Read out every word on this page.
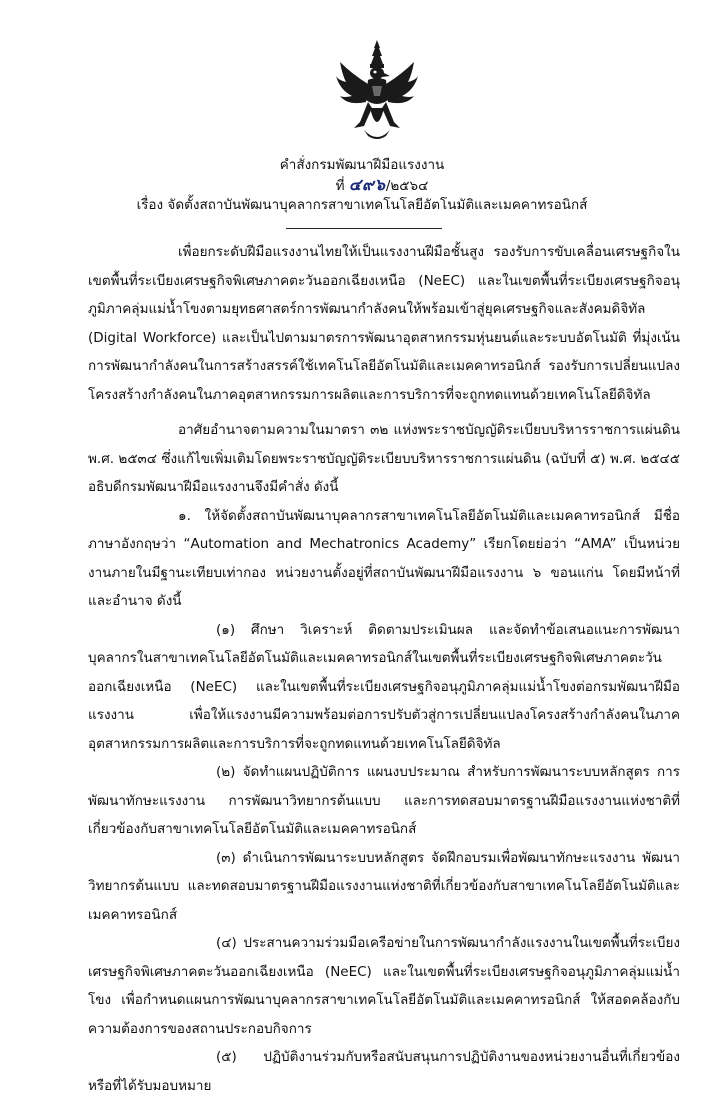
คำสั่งกรมพัฒนาฝีมือแรงงาน
ที่ ๔๙๖/๒๕๖๔
เรื่อง จัดตั้งสถาบันพัฒนาบุคลากรสาขาเทคโนโลยีอัตโนมัติและเมคคาทรอนิกส์

เพื่อยกระดับฝีมือแรงงานไทยให้เป็นแรงงานฝีมือชั้นสูง รองรับการขับเคลื่อนเศรษฐกิจในเขตพื้นที่ระเบียงเศรษฐกิจพิเศษภาคตะวันออกเฉียงเหนือ (NeEC) และในเขตพื้นที่ระเบียงเศรษฐกิจอนุภูมิภาคลุ่มแม่น้ำโขงตามยุทธศาสตร์การพัฒนากำลังคนให้พร้อมเข้าสู่ยุคเศรษฐกิจและสังคมดิจิทัล (Digital Workforce) และเป็นไปตามมาตรการพัฒนาอุตสาหกรรมหุ่นยนต์และระบบอัตโนมัติ ที่มุ่งเน้นการพัฒนากำลังคนในการสร้างสรรค์ใช้เทคโนโลยีอัตโนมัติและเมคคาทรอนิกส์ รองรับการเปลี่ยนแปลงโครงสร้างกำลังคนในภาคอุตสาหกรรมการผลิตและการบริการที่จะถูกทดแทนด้วยเทคโนโลยีดิจิทัล

อาศัยอำนาจตามความในมาตรา ๓๒ แห่งพระราชบัญญัติระเบียบบริหารราชการแผ่นดิน พ.ศ. ๒๕๓๔ ซึ่งแก้ไขเพิ่มเติมโดยพระราชบัญญัติระเบียบบริหารราชการแผ่นดิน (ฉบับที่ ๕) พ.ศ. ๒๕๔๕ อธิบดีกรมพัฒนาฝีมือแรงงานจึงมีคำสั่ง ดังนี้

๑. ให้จัดตั้งสถาบันพัฒนาบุคลากรสาขาเทคโนโลยีอัตโนมัติและเมคคาทรอนิกส์ มีชื่อภาษาอังกฤษว่า “Automation and Mechatronics Academy” เรียกโดยย่อว่า “AMA” เป็นหน่วยงานภายในมีฐานะเทียบเท่ากอง หน่วยงานตั้งอยู่ที่สถาบันพัฒนาฝีมือแรงงาน ๖ ขอนแก่น โดยมีหน้าที่และอำนาจ ดังนี้

(๑) ศึกษา วิเคราะห์ ติดตามประเมินผล และจัดทำข้อเสนอแนะการพัฒนาบุคลากรในสาขาเทคโนโลยีอัตโนมัติและเมคคาทรอนิกส์ในเขตพื้นที่ระเบียงเศรษฐกิจพิเศษภาคตะวันออกเฉียงเหนือ (NeEC) และในเขตพื้นที่ระเบียงเศรษฐกิจอนุภูมิภาคลุ่มแม่น้ำโขงต่อกรมพัฒนาฝีมือแรงงาน เพื่อให้แรงงานมีความพร้อมต่อการปรับตัวสู่การเปลี่ยนแปลงโครงสร้างกำลังคนในภาคอุตสาหกรรมการผลิตและการบริการที่จะถูกทดแทนด้วยเทคโนโลยีดิจิทัล

(๒) จัดทำแผนปฏิบัติการ แผนงบประมาณ สำหรับการพัฒนาระบบหลักสูตร การพัฒนาทักษะแรงงาน การพัฒนาวิทยากรต้นแบบ และการทดสอบมาตรฐานฝีมือแรงงานแห่งชาติที่เกี่ยวข้องกับสาขาเทคโนโลยีอัตโนมัติและเมคคาทรอนิกส์

(๓) ดำเนินการพัฒนาระบบหลักสูตร จัดฝึกอบรมเพื่อพัฒนาทักษะแรงงาน พัฒนาวิทยากรต้นแบบ และทดสอบมาตรฐานฝีมือแรงงานแห่งชาติที่เกี่ยวข้องกับสาขาเทคโนโลยีอัตโนมัติและเมคคาทรอนิกส์

(๔) ประสานความร่วมมือเครือข่ายในการพัฒนากำลังแรงงานในเขตพื้นที่ระเบียงเศรษฐกิจพิเศษภาคตะวันออกเฉียงเหนือ (NeEC) และในเขตพื้นที่ระเบียงเศรษฐกิจอนุภูมิภาคลุ่มแม่น้ำโขง เพื่อกำหนดแผนการพัฒนาบุคลากรสาขาเทคโนโลยีอัตโนมัติและเมคคาทรอนิกส์ ให้สอดคล้องกับความต้องการของสถานประกอบกิจการ

(๕) ปฏิบัติงานร่วมกับหรือสนับสนุนการปฏิบัติงานของหน่วยงานอื่นที่เกี่ยวข้องหรือที่ได้รับมอบหมาย
